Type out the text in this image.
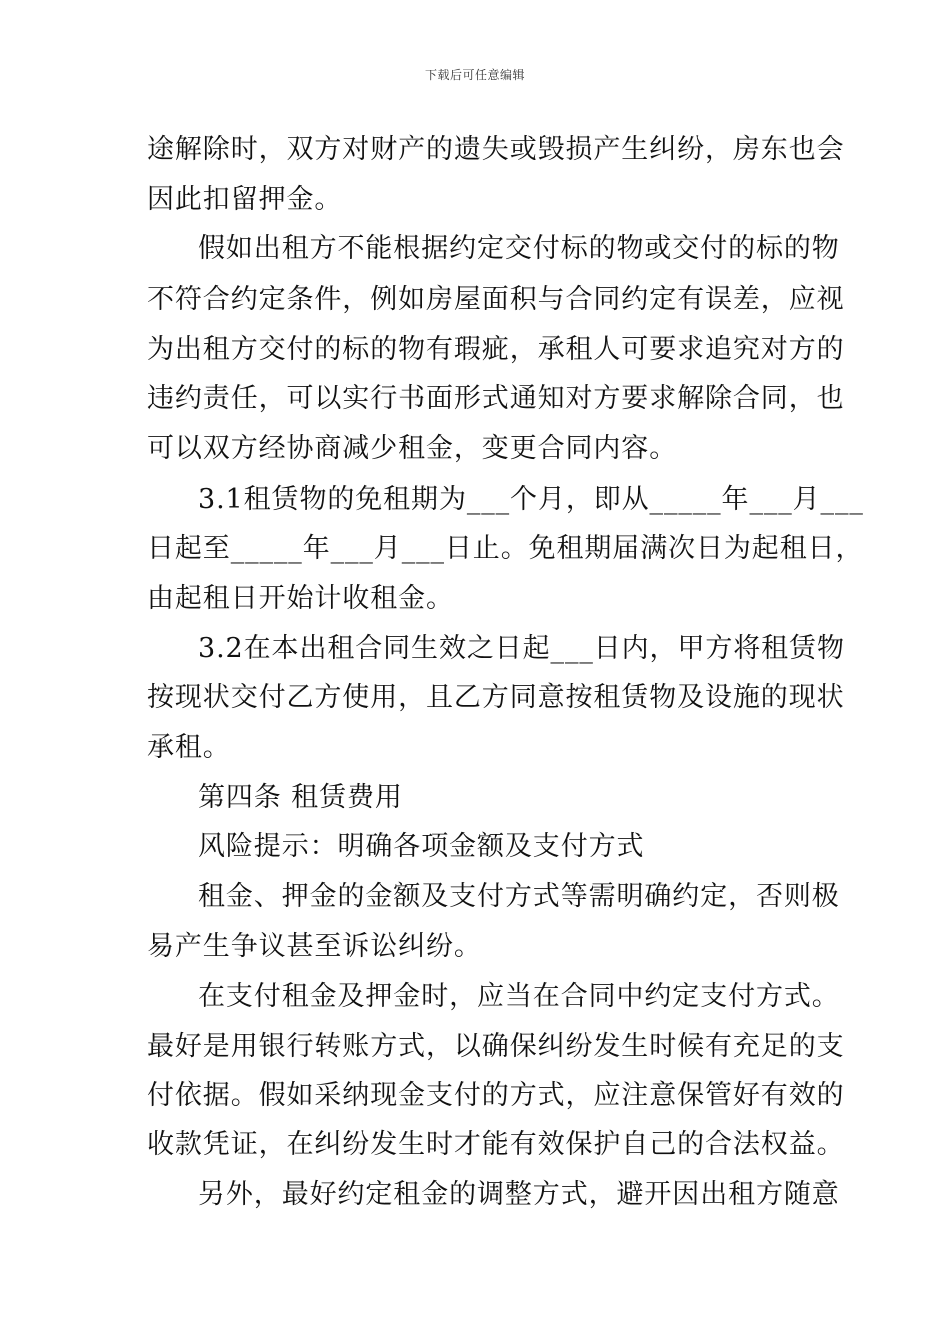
下载后可任意编辑
途解除时，双方对财产的遗失或毁损产生纠纷，房东也会
因此扣留押金。
假如出租方不能根据约定交付标的物或交付的标的物
不符合约定条件，例如房屋面积与合同约定有误差，应视
为出租方交付的标的物有瑕疵，承租人可要求追究对方的
违约责任，可以实行书面形式通知对方要求解除合同，也
可以双方经协商减少租金，变更合同内容。
3.1租赁物的免租期为___个月，即从_____年___月___
日起至_____年___月___日止。免租期届满次日为起租日，
由起租日开始计收租金。
3.2在本出租合同生效之日起___日内，甲方将租赁物
按现状交付乙方使用，且乙方同意按租赁物及设施的现状
承租。
第四条 租赁费用
风险提示：明确各项金额及支付方式
租金、押金的金额及支付方式等需明确约定，否则极
易产生争议甚至诉讼纠纷。
在支付租金及押金时，应当在合同中约定支付方式。
最好是用银行转账方式，以确保纠纷发生时候有充足的支
付依据。假如采纳现金支付的方式，应注意保管好有效的
收款凭证，在纠纷发生时才能有效保护自己的合法权益。
另外，最好约定租金的调整方式，避开因出租方随意
